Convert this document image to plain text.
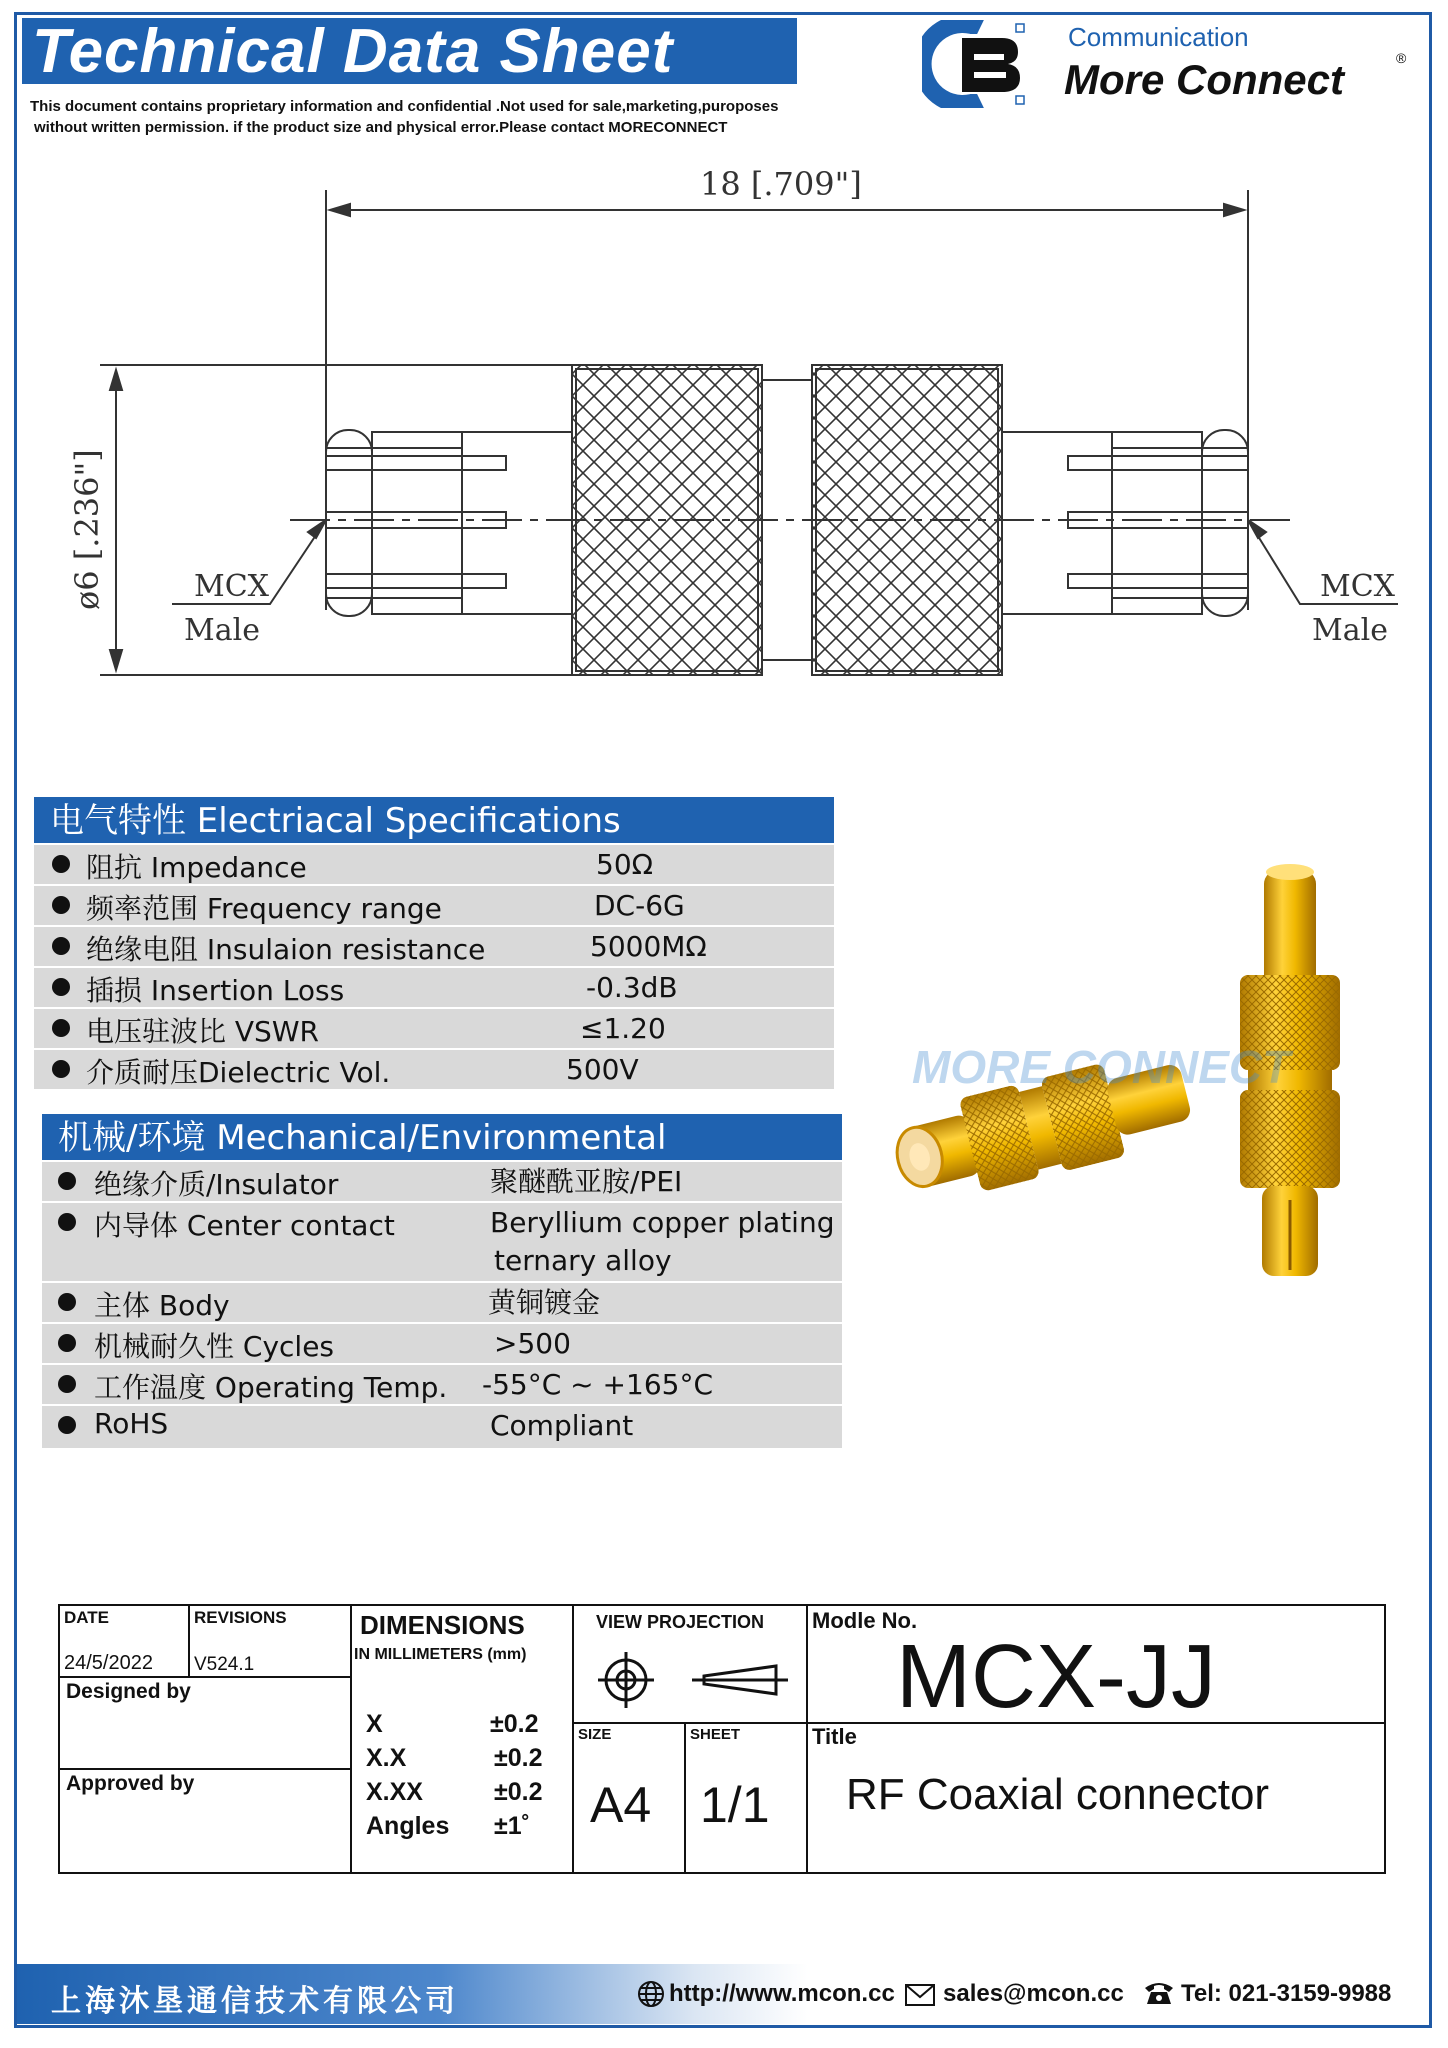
Technical Data Sheet
This document contains proprietary information and confidential .Not used for sale,marketing,puroposes
without written permission. if the product size and physical error.Please contact MORECONNECT
Communication
More Connect	®
18 [.709"]
ø6 [.236"]	MCX
Male
MCX
Male
电气特性 Electriacal Specifications
阻抗 Impedance	50Ω
频率范围 Frequency range	DC-6G
绝缘电阻 Insulaion resistance	5000MΩ
插损 Insertion Loss	-0.3dB
电压驻波比 VSWR	≤1.20
介质耐压Dielectric Vol.	500V
机械/环境 Mechanical/Environmental
绝缘介质/Insulator	聚醚酰亚胺/PEI
内导体 Center contact	Beryllium copper plating
ternary alloy
主体 Body	黄铜镀金
机械耐久性 Cycles	>500
工作温度 Operating Temp. -55°C ~ +165°C
RoHS	Compliant
MORE CONNECT
DATE
24/5/2022
REVISIONS
V524.1
Designed by
Approved by
DIMENSIONS
IN MILLIMETERS (mm)
X	±0.2
X.X	±0.2
X.XX	±0.2
Angles ±1˚
VIEW PROJECTION
SIZE
A4
SHEET
1/1
Modle No.
MCX-JJ
Title
RF Coaxial connector
上海沐垦通信技术有限公司	http://www.mcon.cc sales@mcon.cc Tel: 021-3159-9988
